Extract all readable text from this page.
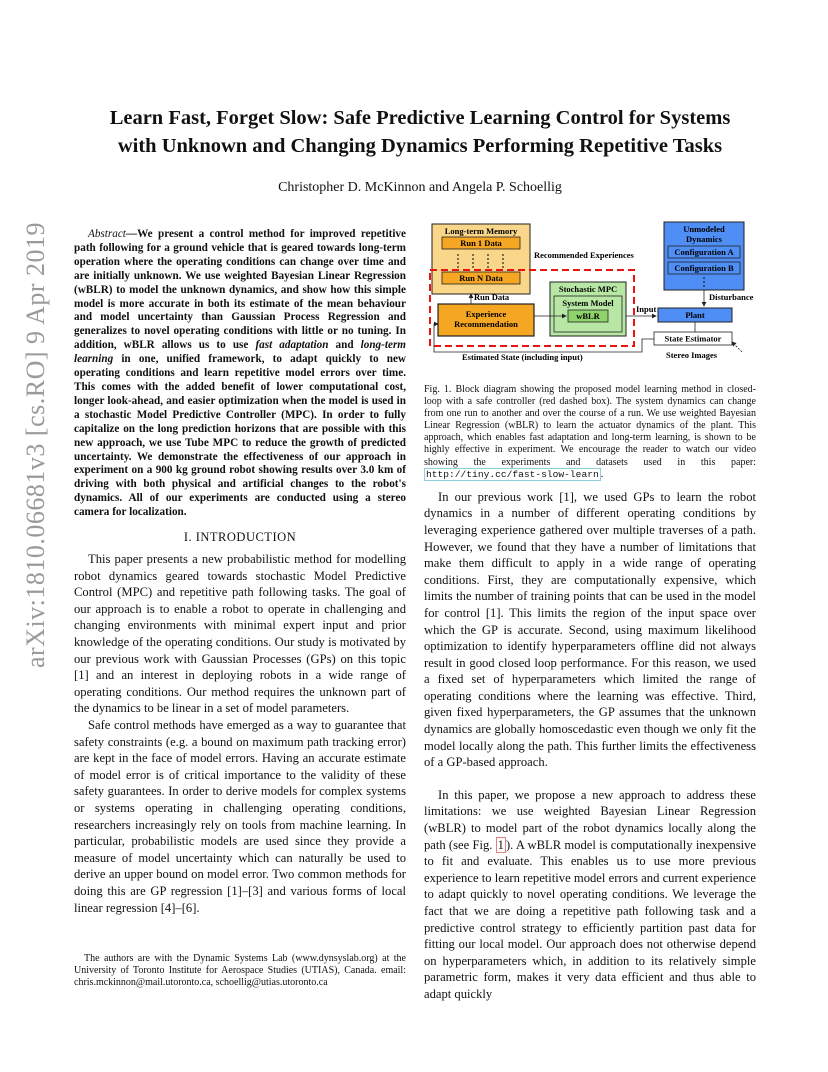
arXiv:1810.06681v3 [cs.RO] 9 Apr 2019
Learn Fast, Forget Slow: Safe Predictive Learning Control for Systems
with Unknown and Changing Dynamics Performing Repetitive Tasks
Christopher D. McKinnon and Angela P. Schoellig

Abstract—We present a control method for improved repetitive path following for a ground vehicle that is geared towards long-term operation where the operating conditions can change over time and are initially unknown. We use weighted Bayesian Linear Regression (wBLR) to model the unknown dynamics, and show how this simple model is more accurate in both its estimate of the mean behaviour and model uncertainty than Gaussian Process Regression and generalizes to novel operating conditions with little or no tuning. In addition, wBLR allows us to use fast adaptation and long-term learning in one, unified framework, to adapt quickly to new operating conditions and learn repetitive model errors over time. This comes with the added benefit of lower computational cost, longer look-ahead, and easier optimization when the model is used in a stochastic Model Predictive Controller (MPC). In order to fully capitalize on the long prediction horizons that are possible with this new approach, we use Tube MPC to reduce the growth of predicted uncertainty. We demonstrate the effectiveness of our approach in experiment on a 900 kg ground robot showing results over 3.0 km of driving with both physical and artificial changes to the robot's dynamics. All of our experiments are conducted using a stereo camera for localization.

I. INTRODUCTION

This paper presents a new probabilistic method for modelling robot dynamics geared towards stochastic Model Predictive Control (MPC) and repetitive path following tasks. The goal of our approach is to enable a robot to operate in challenging and changing environments with minimal expert input and prior knowledge of the operating conditions. Our study is motivated by our previous work with Gaussian Processes (GPs) on this topic [1] and an interest in deploying robots in a wide range of operating conditions. Our method requires the unknown part of the dynamics to be linear in a set of model parameters.

Safe control methods have emerged as a way to guarantee that safety constraints (e.g. a bound on maximum path tracking error) are kept in the face of model errors. Having an accurate estimate of model error is of critical importance to the validity of these safety guarantees. In order to derive models for complex systems or systems operating in challenging operating conditions, researchers increasingly rely on tools from machine learning. In particular, probabilistic models are used since they provide a measure of model uncertainty which can naturally be used to derive an upper bound on model error. Two common methods for doing this are GP regression [1]–[3] and various forms of local linear regression [4]–[6].

The authors are with the Dynamic Systems Lab (www.dynsyslab.org) at the University of Toronto Institute for Aerospace Studies (UTIAS), Canada. email: chris.mckinnon@mail.utoronto.ca, schoellig@utias.utoronto.ca
Long-term Memory
Run 1 Data
Run N Data
Run Data
Recommended Experiences
Experience
Recommendation
Stochastic MPC
System Model
wBLR
Input
Unmodeled
Dynamics
Configuration A
Configuration B
Disturbance
Plant
State Estimator
Stereo Images
Estimated State (including input)

Fig. 1. Block diagram showing the proposed model learning method in closed-loop with a safe controller (red dashed box). The system dynamics can change from one run to another and over the course of a run. We use weighted Bayesian Linear Regression (wBLR) to learn the actuator dynamics of the plant. This approach, which enables fast adaptation and long-term learning, is shown to be highly effective in experiment. We encourage the reader to watch our video showing the experiments and datasets used in this paper: http://tiny.cc/fast-slow-learn .

In our previous work [1], we used GPs to learn the robot dynamics in a number of different operating conditions by leveraging experience gathered over multiple traverses of a path. However, we found that they have a number of limitations that make them difficult to apply in a wide range of operating conditions. First, they are computationally expensive, which limits the number of training points that can be used in the model for control [1]. This limits the region of the input space over which the GP is accurate. Second, using maximum likelihood optimization to identify hyperparameters offline did not always result in good closed loop performance. For this reason, we used a fixed set of hyperparameters which limited the range of operating conditions where the learning was effective. Third, given fixed hyperparameters, the GP assumes that the unknown dynamics are globally homoscedastic even though we only fit the model locally along the path. This further limits the effectiveness of a GP-based approach.

In this paper, we propose a new approach to address these limitations: we use weighted Bayesian Linear Regression (wBLR) to model part of the robot dynamics locally along the path (see Fig. 1 ). A wBLR model is computationally inexpensive to fit and evaluate. This enables us to use more previous experience to learn repetitive model errors and current experience to adapt quickly to novel operating conditions. We leverage the fact that we are doing a repetitive path following task and a predictive control strategy to efficiently partition past data for fitting our local model. Our approach does not otherwise depend on hyperparameters which, in addition to its relatively simple parametric form, makes it very data efficient and thus able to adapt quickly
